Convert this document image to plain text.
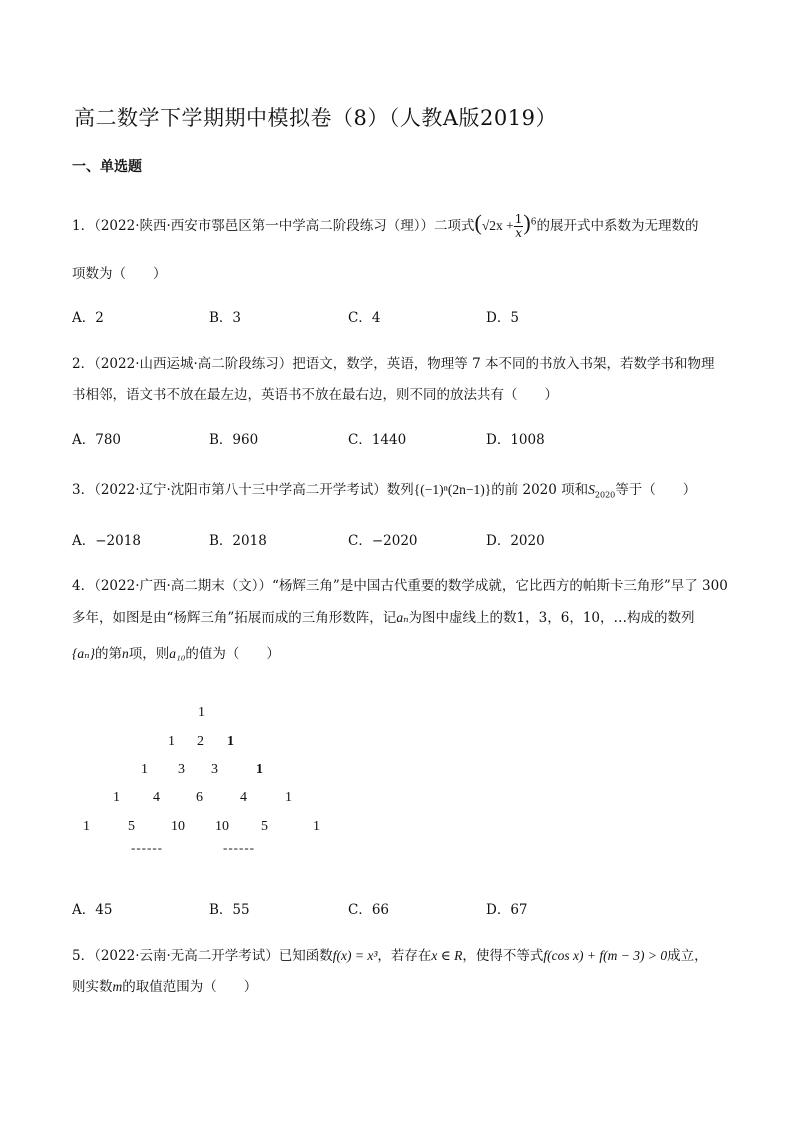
高二数学下学期期中模拟卷（8）（人教A版2019）
一、单选题
1．（2022·陕西·西安市鄠邑区第一中学高二阶段练习（理））二项式$(√2x + \frac{1}{x} )^6$的展开式中系数为无理数的
项数为（　　）
A．2	B．3	C．4	D．5
2．（2022·山西运城·高二阶段练习）把语文，数学，英语，物理等 7 本不同的书放入书架，若数学书和物理
书相邻，语文书不放在最左边，英语书不放在最右边，则不同的放法共有（　　）
A．780	B．960	C．1440	D．1008
3．（2022·辽宁·沈阳市第八十三中学高二开学考试）数列{(−1)ⁿ(2n−1)}的前 2020 项和$S_{2020}$等于（　　）
A．−2018	B．2018	C．−2020	D．2020
4．（2022·广西·高二期末（文））“杨辉三角”是中国古代重要的数学成就，它比西方的帕斯卡三角形”早了 300
多年，如图是由“杨辉三角”拓展而成的三角形数阵，记aₙ为图中虚线上的数1，3，6，10，…构成的数列
{aₙ}的第n项，则a₁₀的值为（　　）
1
1 2 1
1 3 3	1
1 4	6	4	1
1	5	10 10 5	1
------	------
A．45	B．55	C．66	D．67
5．（2022·云南·无高二开学考试）已知函数f(x) = x³，若存在x ∈ R，使得不等式f(cos x) + f(m − 3) > 0成立，
则实数m的取值范围为（　　）
